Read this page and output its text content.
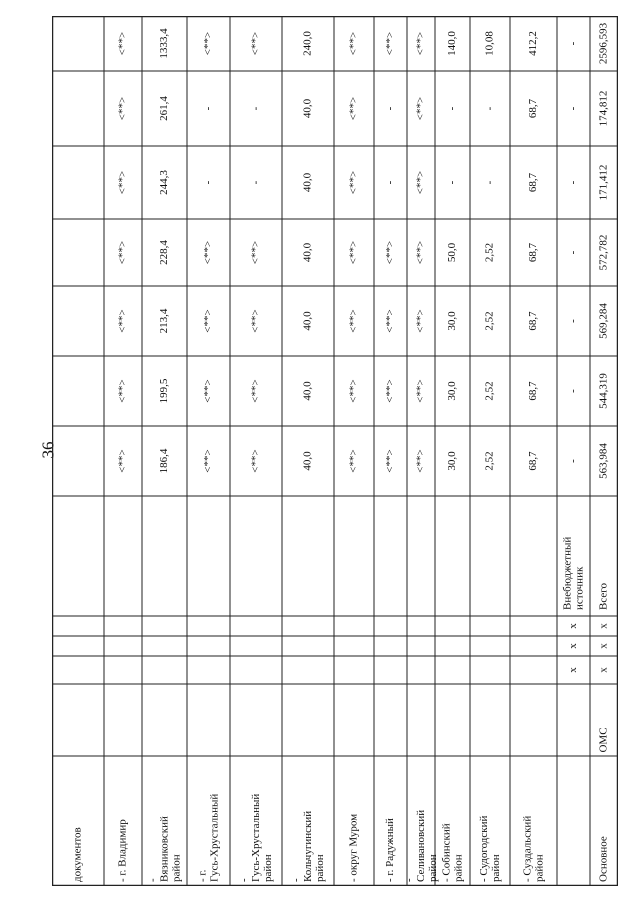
36
документов	- г. Владимир
<**>
<**>
<**>
<**>
<**>
<**>
<**>
-Вязниковскийрайон
186,4
199,5
213,4
228,4
244,3
261,4
1333,4
- г.Гусь-Хрустальный
<**>
<**>
<**>
<**>
-
-
<**>
-Гусь-Хрустальныйрайон
<**>
<**>
<**>
<**>
-
-
<**>
-Кольчугинскийрайон
40,0
40,0
40,0
40,0
40,0
40,0
240,0
- округ Муром
<**>
<**>
<**>
<**>
<**>
<**>
<**>
- г. Радужный
<**>
<**>
<**>
<**>
-
-
<**>
-Селивановскийрайон
<**>
<**>
<**>
<**>
<**>
<**>
<**>
- Собинскийрайон
30,0
30,0
30,0
50,0
-
-
140,0
- Судогодскийрайон
2,52
2,52
2,52
2,52
-
-
10,08
- Суздальскийрайон
68,7
68,7
68,7
68,7
68,7
68,7
412,2
x
x
x
Внебюджетныйисточник
-
-
-
-
-
-
-
Основное
ОМС
x
x
x
Всего
563,984
544,319
569,284
572,782
171,412
174,812
2596,593
